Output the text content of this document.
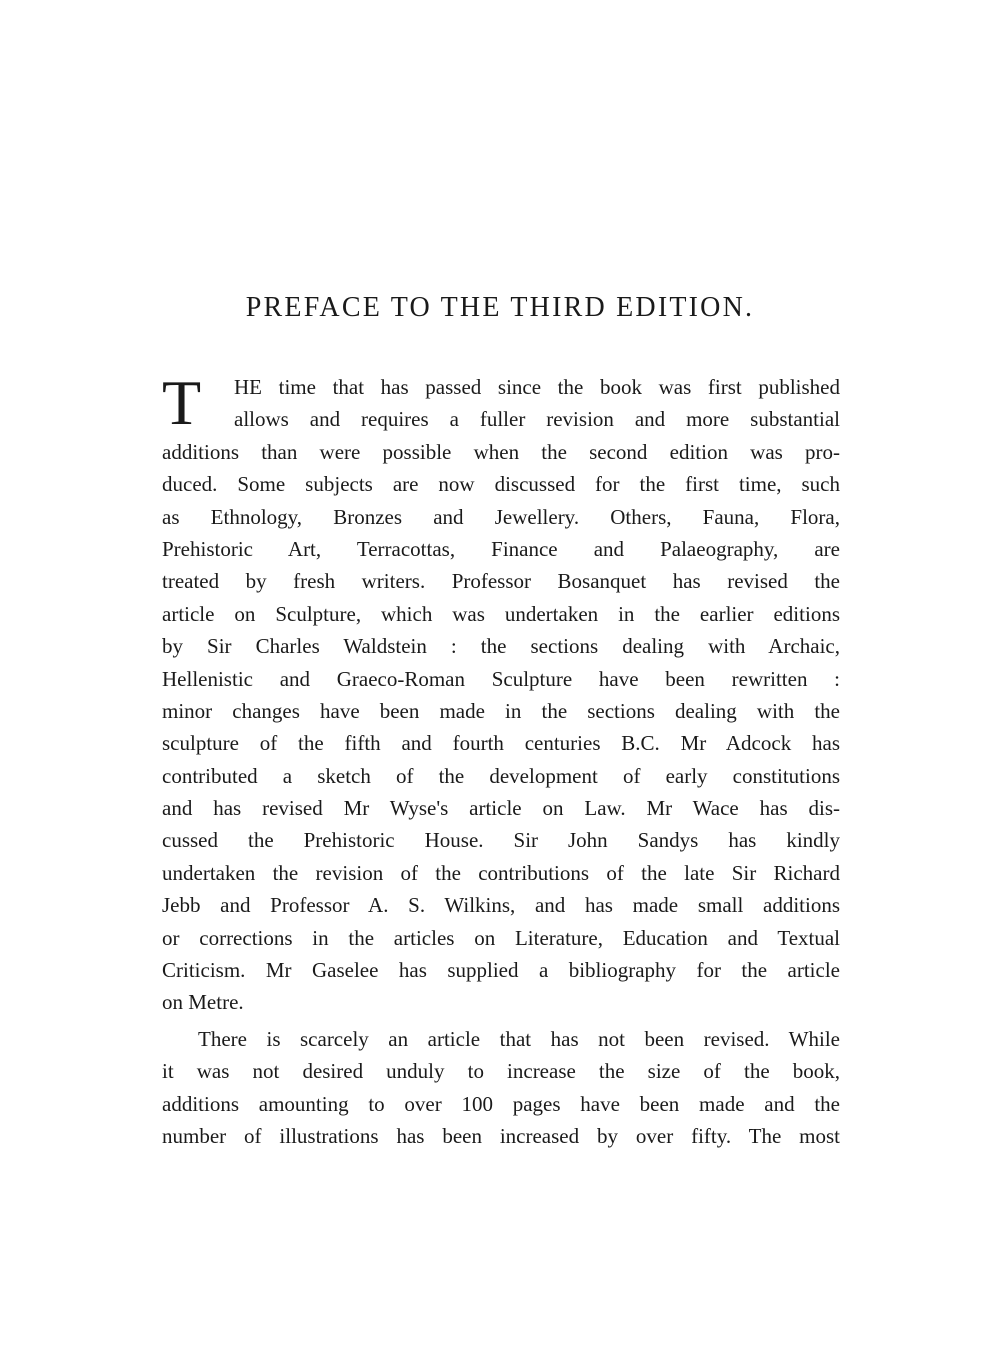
PREFACE TO THE THIRD EDITION.
T	HE time that has passed since the book was first published
allows and requires a fuller revision and more substantial
additions than were possible when the second edition was pro-
duced. Some subjects are now discussed for the first time, such
as Ethnology, Bronzes and Jewellery. Others, Fauna, Flora,
Prehistoric Art, Terracottas, Finance and Palaeography, are
treated by fresh writers. Professor Bosanquet has revised the
article on Sculpture, which was undertaken in the earlier editions
by Sir Charles Waldstein : the sections dealing with Archaic,
Hellenistic and Graeco-Roman Sculpture have been rewritten :
minor changes have been made in the sections dealing with the
sculpture of the fifth and fourth centuries B.C. Mr Adcock has
contributed a sketch of the development of early constitutions
and has revised Mr Wyse's article on Law. Mr Wace has dis-
cussed the Prehistoric House. Sir John Sandys has kindly
undertaken the revision of the contributions of the late Sir Richard
Jebb and Professor A. S. Wilkins, and has made small additions
or corrections in the articles on Literature, Education and Textual
Criticism. Mr Gaselee has supplied a bibliography for the article
on Metre.
There is scarcely an article that has not been revised. While
it was not desired unduly to increase the size of the book,
additions amounting to over 100 pages have been made and the
number of illustrations has been increased by over fifty. The most
